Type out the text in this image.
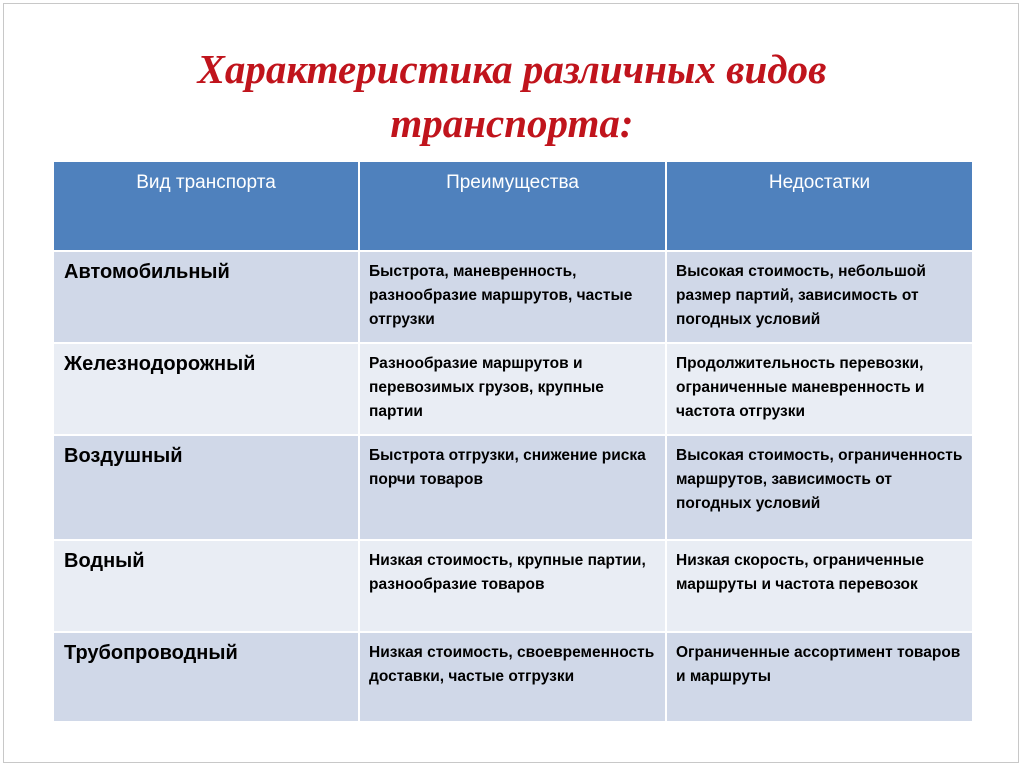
Характеристика различных видов
транспорта:
Вид транспорта	Преимущества	Недостатки
Автомобильный	Быстрота, маневренность, разнообразие маршрутов, частые отгрузки	Высокая стоимость, небольшой размер партий, зависимость от погодных условий
Железнодорожный	Разнообразие маршрутов и перевозимых грузов, крупные партии	Продолжительность перевозки, ограниченные маневренность и частота отгрузки
Воздушный	Быстрота отгрузки, снижение риска порчи товаров	Высокая стоимость, ограниченность маршрутов, зависимость от погодных условий
Водный	Низкая стоимость, крупные партии, разнообразие товаров	Низкая скорость, ограниченные маршруты и частота перевозок
Трубопроводный	Низкая стоимость, своевременность доставки, частые отгрузки	Ограниченные ассортимент товаров и маршруты
